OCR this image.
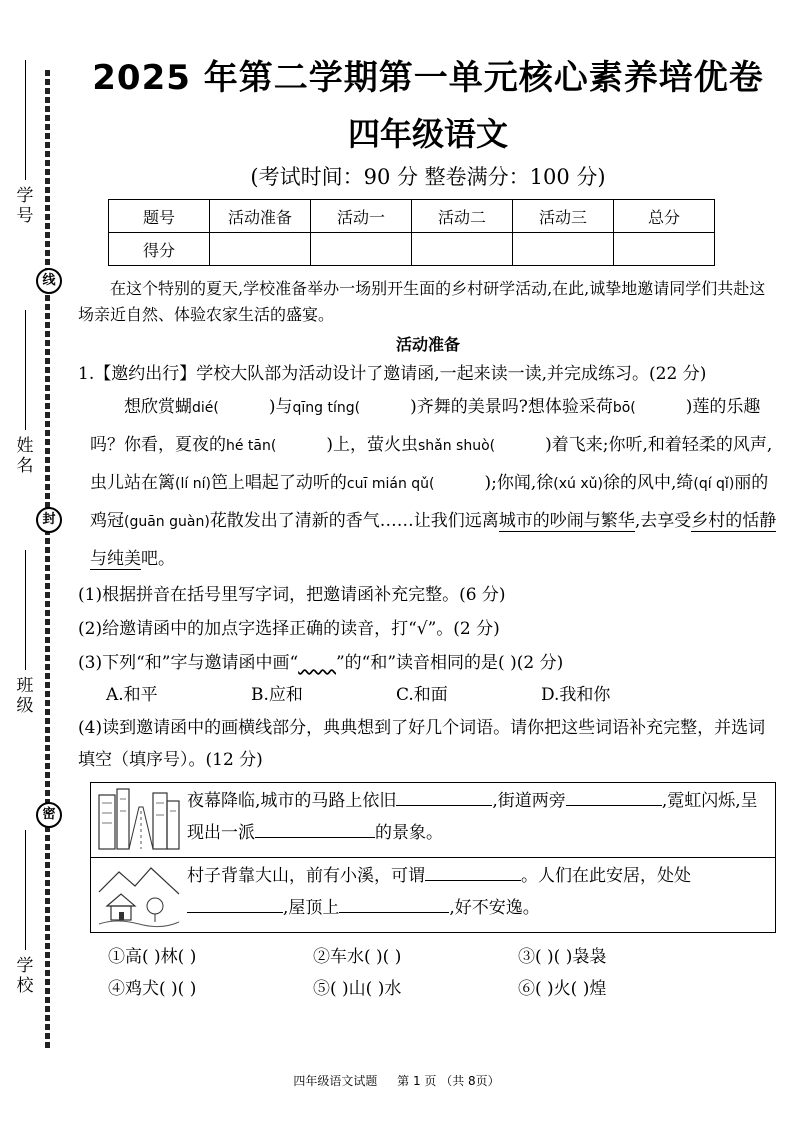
学号
线
姓名
封
班级
密
学校
2025 年第二学期第一单元核心素养培优卷
四年级语文
(考试时间：90 分 整卷满分：100 分)
题号	活动准备	活动一	活动二	活动三	总分
得分					

在这个特别的夏天,学校准备举办一场别开生面的乡村研学活动,在此,诚挚地邀请同学们共赴这场亲近自然、体验农家生活的盛宴。

活动准备

1.【邀约出行】学校大队部为活动设计了邀请函,一起来读一读,并完成练习。(22 分)

想欣赏蝴dié(	)与qīng tíng(	)齐舞的美景吗?想体验采荷bō(	)莲的乐趣吗？你看，夏夜的hé tān(	)上，萤火虫shǎn shuò(	)着飞来;你听,和着轻柔的风声,虫儿站在篱(lí ní)笆上唱起了动听的cuī mián qǔ(	);你闻,徐(xú xǔ)徐的风中,绮(qí qǐ)丽的鸡冠(guān guàn)花散发出了清新的香气……让我们远离城市的吵闹与繁华,去享受乡村的恬静与纯美吧。

(1)根据拼音在括号里写字词，把邀请函补充完整。(6 分)

(2)给邀请函中的加点字选择正确的读音，打“√”。(2 分)

(3)下列“和”字与邀请函中画“ ”的“和”读音相同的是( )(2 分)

A.和平	B.应和	C.和面	D.我和你

(4)读到邀请函中的画横线部分，典典想到了好几个词语。请你把这些词语补充完整，并选词填空（填序号）。(12 分)

夜幕降临,城市的马路上依旧	,街道两旁	,霓虹闪烁,呈现出一派	的景象。
村子背靠大山，前有小溪，可谓	。人们在此安居，处处,屋顶上	,好不安逸。
①高( )林( )	②车水( )( )	③( )( )袅袅
④鸡犬( )( )	⑤( )山( )水	⑥( )火( )煌
四年级语文试题 第 1 页 （共 8页）
